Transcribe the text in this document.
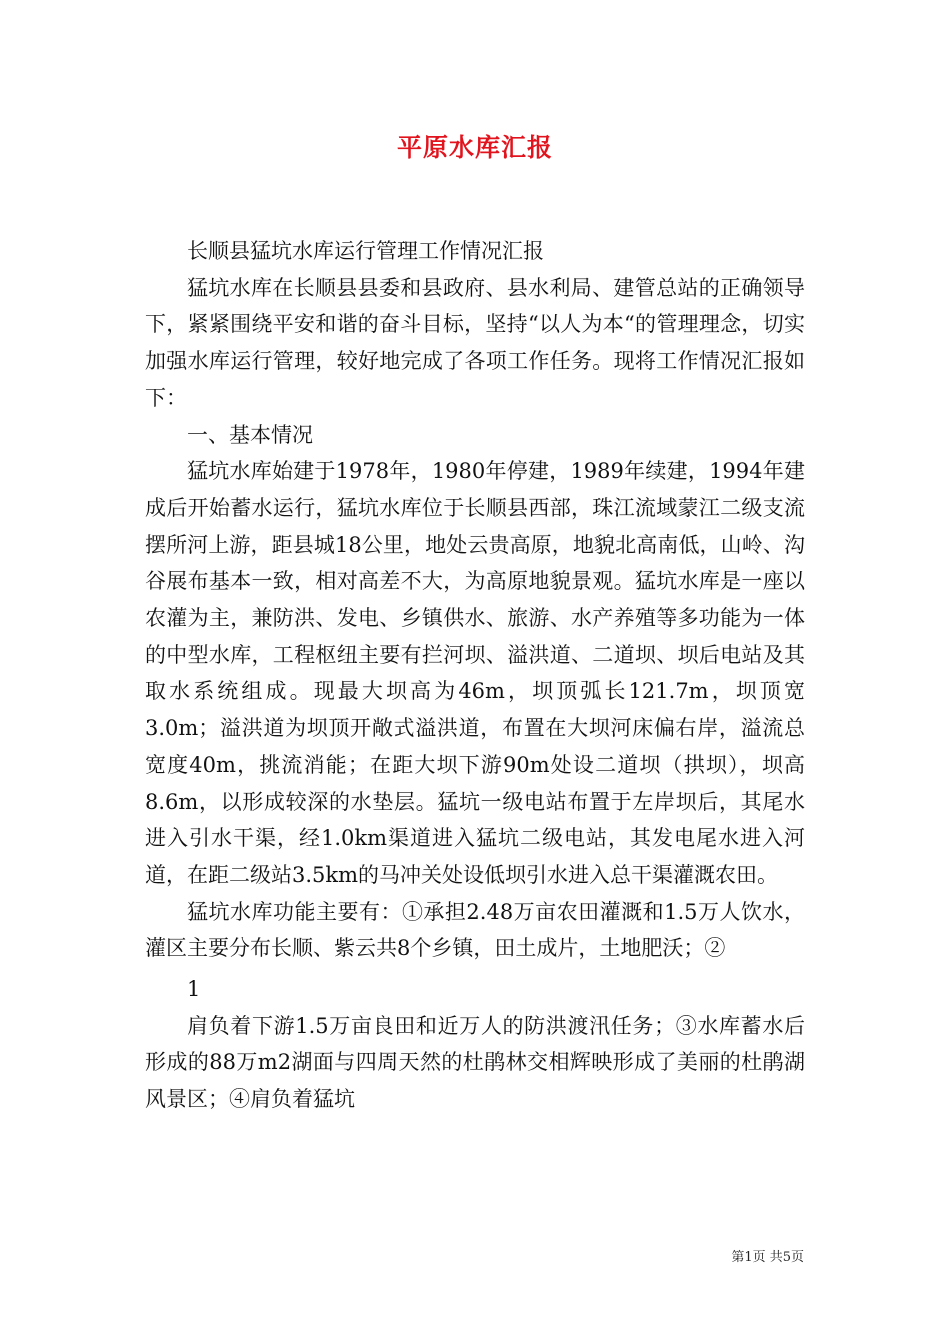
平原水库汇报

长顺县猛坑水库运行管理工作情况汇报

猛坑水库在长顺县县委和县政府、县水利局、建管总站的正确领导下，紧紧围绕平安和谐的奋斗目标，坚持“以人为本“的管理理念，切实加强水库运行管理，较好地完成了各项工作任务。现将工作情况汇报如下：

一、基本情况

猛坑水库始建于1978年，1980年停建，1989年续建，1994年建成后开始蓄水运行，猛坑水库位于长顺县西部，珠江流域蒙江二级支流摆所河上游，距县城18公里，地处云贵高原，地貌北高南低，山岭、沟谷展布基本一致，相对高差不大，为高原地貌景观。猛坑水库是一座以农灌为主，兼防洪、发电、乡镇供水、旅游、水产养殖等多功能为一体的中型水库，工程枢纽主要有拦河坝、溢洪道、二道坝、坝后电站及其取水系统组成。现最大坝高为46m，坝顶弧长121.7m，坝顶宽3.0m；溢洪道为坝顶开敞式溢洪道，布置在大坝河床偏右岸，溢流总宽度40m，挑流消能；在距大坝下游90m处设二道坝（拱坝），坝高8.6m，以形成较深的水垫层。猛坑一级电站布置于左岸坝后，其尾水进入引水干渠，经1.0km渠道进入猛坑二级电站，其发电尾水进入河道，在距二级站3.5km的马冲关处设低坝引水进入总干渠灌溉农田。

猛坑水库功能主要有：①承担2.48万亩农田灌溉和1.5万人饮水，灌区主要分布长顺、紫云共8个乡镇，田土成片，土地肥沃；②

1

肩负着下游1.5万亩良田和近万人的防洪渡汛任务；③水库蓄水后形成的88万m2湖面与四周天然的杜鹃林交相辉映形成了美丽的杜鹃湖风景区；④肩负着猛坑

第1页 共5页
